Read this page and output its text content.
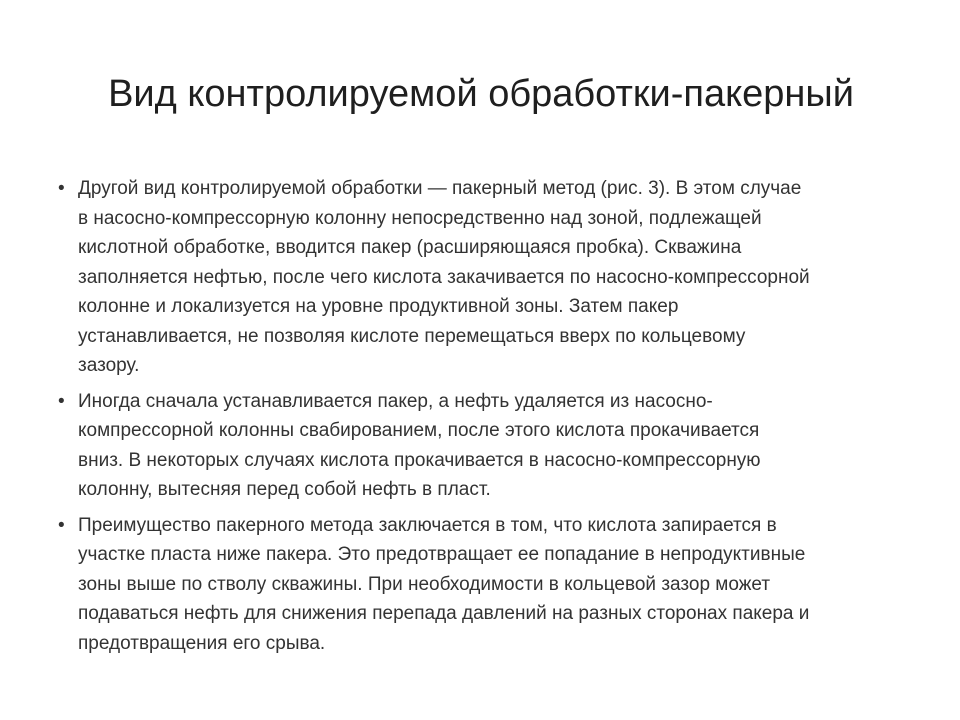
Вид контролируемой обработки-пакерный
• Другой вид контролируемой обработки — пакерный метод (рис. 3). В этом случае
в насосно-компрессорную колонну непосредственно над зоной, подлежащей
кислотной обработке, вводится пакер (расширяющаяся пробка). Скважина
заполняется нефтью, после чего кислота закачивается по насосно-компрессорной
колонне и локализуется на уровне продуктивной зоны. Затем пакер
устанавливается, не позволяя кислоте перемещаться вверх по кольцевому
зазору.
• Иногда сначала устанавливается пакер, а нефть удаляется из насосно-
компрессорной колонны свабированием, после этого кислота прокачивается
вниз. В некоторых случаях кислота прокачивается в насосно-компрессорную
колонну, вытесняя перед собой нефть в пласт.
• Преимущество пакерного метода заключается в том, что кислота запирается в
участке пласта ниже пакера. Это предотвращает ее попадание в непродуктивные
зоны выше по стволу скважины. При необходимости в кольцевой зазор может
подаваться нефть для снижения перепада давлений на разных сторонах пакера и
предотвращения его срыва.
